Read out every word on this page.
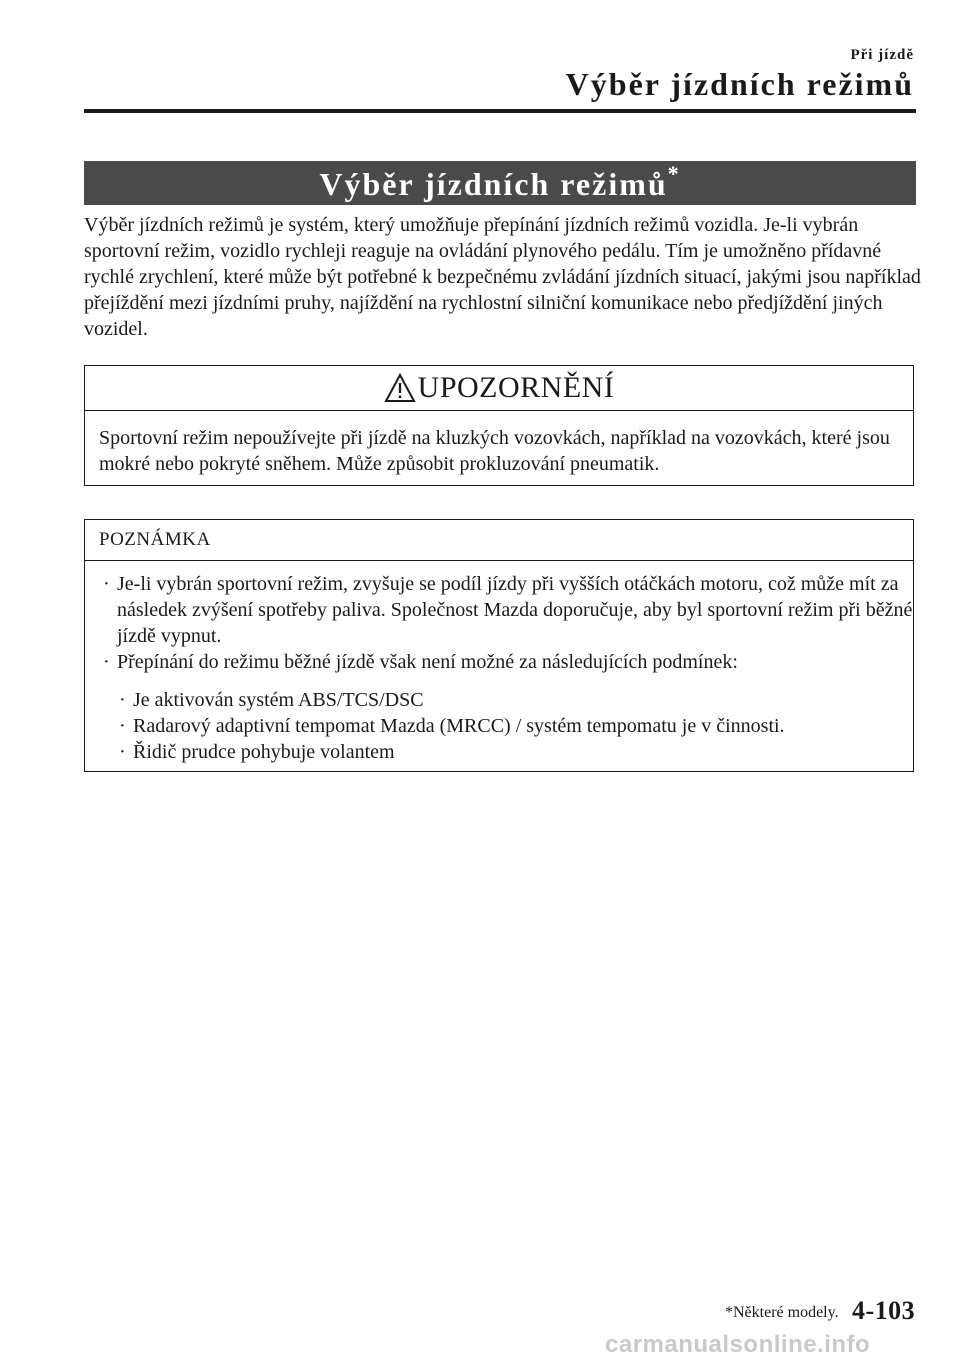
Při jízdě
Výběr jízdních režimů
Výběr jízdních režimů*

Výběr jízdních režimů je systém, který umožňuje přepínání jízdních režimů vozidla. Je-li vybrán sportovní režim, vozidlo rychleji reaguje na ovládání plynového pedálu. Tím je umožněno přídavné rychlé zrychlení, které může být potřebné k bezpečnému zvládání jízdních situací, jakými jsou například přejíždění mezi jízdními pruhy, najíždění na rychlostní silniční komunikace nebo předjíždění jiných vozidel.

UPOZORNĚNÍ

Sportovní režim nepoužívejte při jízdě na kluzkých vozovkách, například na vozovkách, které jsou mokré nebo pokryté sněhem. Může způsobit prokluzování pneumatik.

POZNÁMKA
· Je-li vybrán sportovní režim, zvyšuje se podíl jízdy při vyšších otáčkách motoru, což může mít za následek zvýšení spotřeby paliva. Společnost Mazda doporučuje, aby byl sportovní režim při běžné jízdě vypnut.
· Přepínání do režimu běžné jízdě však není možné za následujících podmínek:
· Je aktivován systém ABS/TCS/DSC
· Radarový adaptivní tempomat Mazda (MRCC) / systém tempomatu je v činnosti.
· Řidič prudce pohybuje volantem
*Některé modely. 4-103
carmanualsonline.info
